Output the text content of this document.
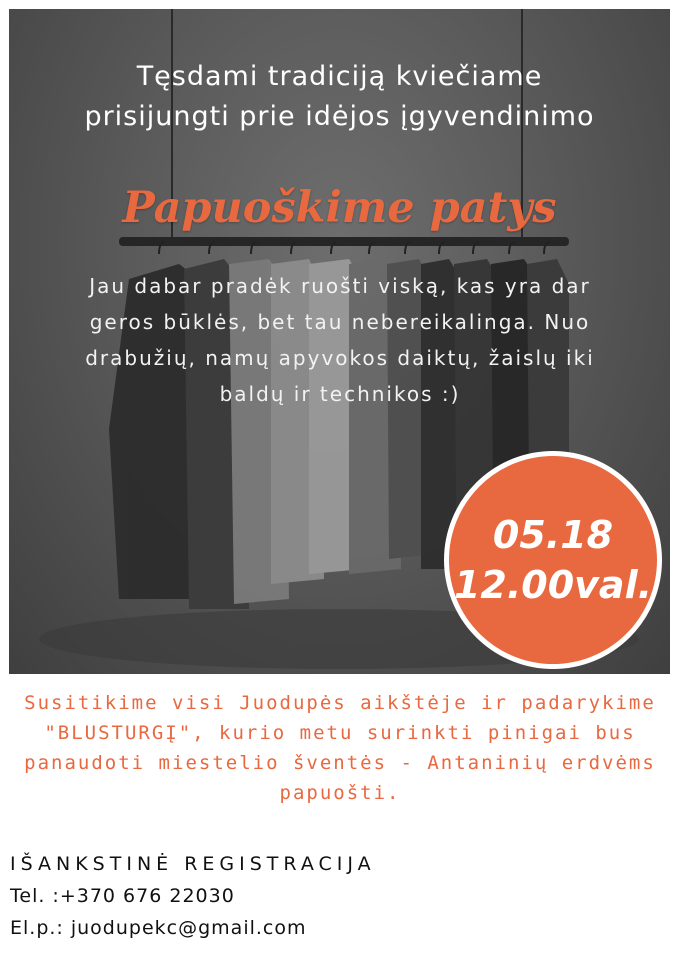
Tęsdami tradiciją kviečiame
prisijungti prie idėjos įgyvendinimo
Papuoškime patys
Jau dabar pradėk ruošti viską, kas yra dar
geros būklės, bet tau nebereikalinga. Nuo
drabužių, namų apyvokos daiktų, žaislų iki
baldų ir technikos :)
05.18
12.00val.
Susitikime visi Juodupės aikštėje ir padarykime
"BLUSTURGĮ", kurio metu surinkti pinigai bus
panaudoti miestelio šventės - Antaninių erdvėms
papuošti.
IŠANKSTINĖ REGISTRACIJA
Tel. :+370 676 22030
El.p.: juodupekc@gmail.com
